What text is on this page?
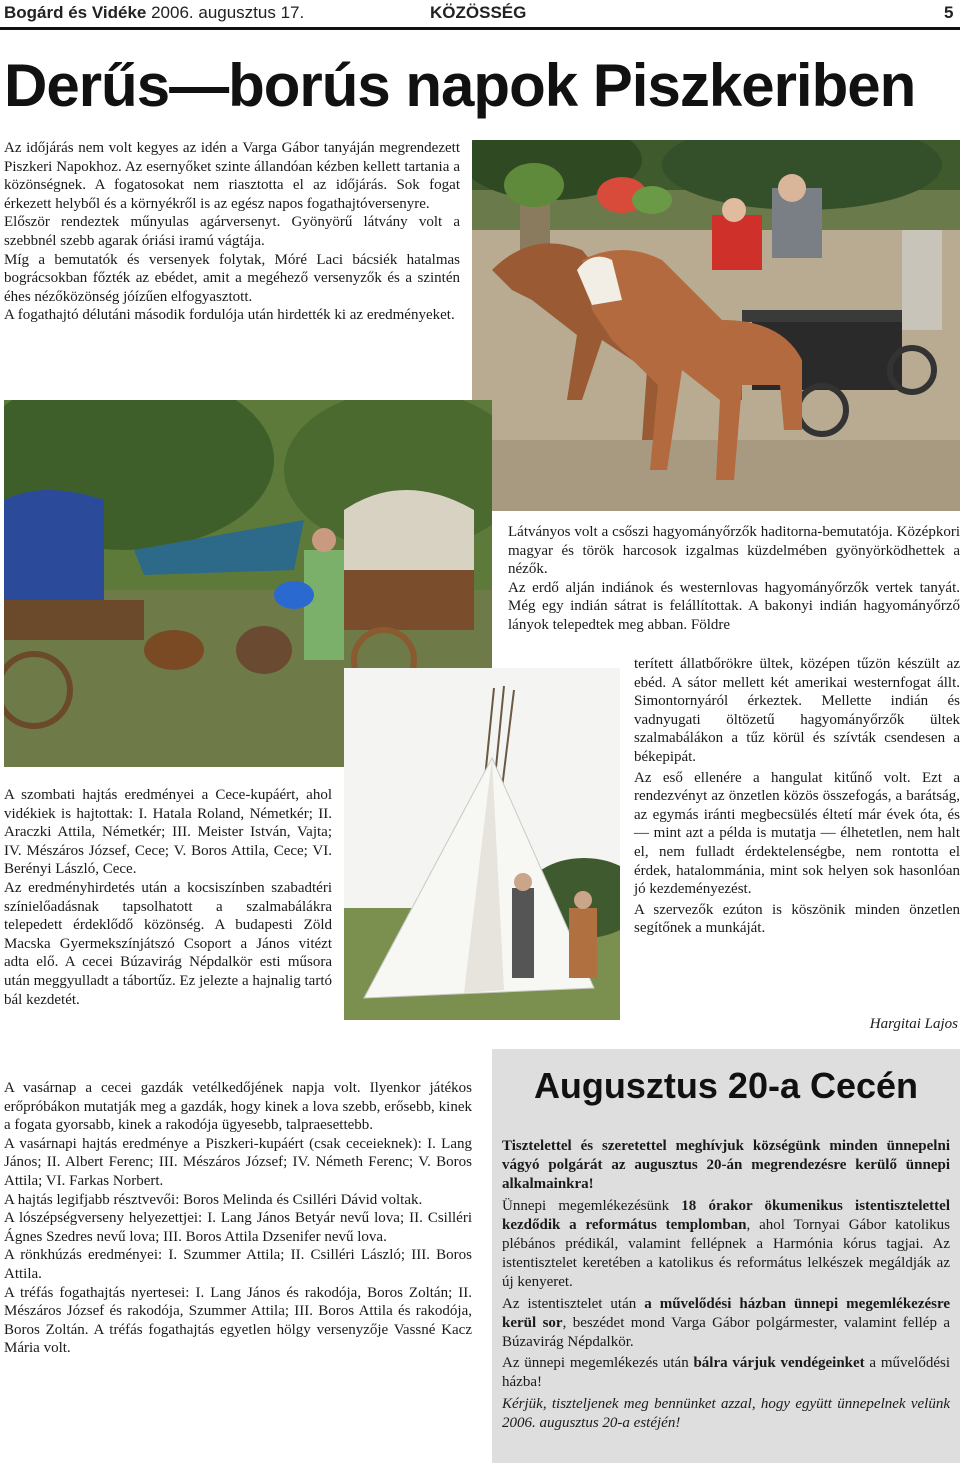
Bogárd és Vidéke 2006. augusztus 17.	KÖZÖSSÉG	5
Derűs—borús napok Piszkeriben

Az időjárás nem volt kegyes az idén a Varga Gábor tanyáján megrendezett Piszkeri Napokhoz. Az esernyőket szinte állandóan kézben kellett tartania a közönségnek. A fogatosokat nem riasztotta el az időjárás. Sok fogat érkezett helyből és a környékről is az egész napos fogathajtóversenyre.

Először rendeztek műnyulas agárversenyt. Gyönyörű látvány volt a szebbnél szebb agarak óriási iramú vágtája.

Míg a bemutatók és versenyek folytak, Móré Laci bácsiék hatalmas bográcsokban főzték az ebédet, amit a megéhező versenyzők és a szintén éhes nézőközönség jóízűen elfogyasztott.

A fogathajtó délutáni második fordulója után hirdették ki az eredményeket.

A szombati hajtás eredményei a Cece-kupáért, ahol vidékiek is hajtottak: I. Hatala Roland, Németkér; II. Araczki Attila, Németkér; III. Meister István, Vajta; IV. Mészáros József, Cece; V. Boros Attila, Cece; VI. Berényi László, Cece.

Az eredményhirdetés után a kocsiszínben szabadtéri színielőadásnak tapsolhatott a szalmabálákra telepedett érdeklődő közönség. A budapesti Zöld Macska Gyermekszínjátszó Csoport a János vitézt adta elő. A cecei Búzavirág Népdalkör esti műsora után meggyulladt a tábortűz. Ez jelezte a hajnalig tartó bál kezdetét.

A vasárnap a cecei gazdák vetélkedőjének napja volt. Ilyenkor játékos erőpróbákon mutatják meg a gazdák, hogy kinek a lova szebb, erősebb, kinek a fogata gyorsabb, kinek a rakodója ügyesebb, talpraesettebb.

A vasárnapi hajtás eredménye a Piszkeri-kupáért (csak ceceieknek): I. Lang János; II. Albert Ferenc; III. Mészáros József; IV. Németh Ferenc; V. Boros Attila; VI. Farkas Norbert.

A hajtás legifjabb résztvevői: Boros Melinda és Csilléri Dávid voltak.

A lószépségverseny helyezettjei: I. Lang János Betyár nevű lova; II. Csilléri Ágnes Szedres nevű lova; III. Boros Attila Dzsenifer nevű lova.

A rönkhúzás eredményei: I. Szummer Attila; II. Csilléri László; III. Boros Attila.

A tréfás fogathajtás nyertesei: I. Lang János és rakodója, Boros Zoltán; II. Mészáros József és rakodója, Szummer Attila; III. Boros Attila és rakodója, Boros Zoltán. A tréfás fogathajtás egyetlen hölgy versenyzője Vassné Kacz Mária volt.

Látványos volt a csőszi hagyományőrzők haditorna-bemutatója. Középkori magyar és török harcosok izgalmas küzdelmében gyönyörködhettek a nézők.

Az erdő alján indiánok és westernlovas hagyományőrzők vertek tanyát. Még egy indián sátrat is felállítottak. A bakonyi indián hagyományőrző lányok telepedtek meg abban. Földre

terített állatbőrökre ültek, középen tűzön készült az ebéd. A sátor mellett két amerikai westernfogat állt. Simontornyáról érkeztek. Mellette indián és vadnyugati öltözetű hagyományőrzők ültek szalmabálákon a tűz körül és szívták csendesen a békepipát.

Az eső ellenére a hangulat kitűnő volt. Ezt a rendezvényt az önzetlen közös összefogás, a barátság, az egymás iránti megbecsülés éltetí már évek óta, és — mint azt a példa is mutatja — élhetetlen, nem halt el, nem fulladt érdektelenségbe, nem rontotta el érdek, hatalommánia, mint sok helyen sok hasonlóan jó kezdeményezést.

A szervezők ezúton is köszönik minden önzetlen segítőnek a munkáját.

Hargitai Lajos
Augusztus 20-a Cecén

Tisztelettel és szeretettel meghívjuk községünk minden ünnepelni vágyó polgárát az augusztus 20-án megrendezésre kerülő ünnepi alkalmainkra!

Ünnepi megemlékezésünk 18 órakor ökumenikus istentisztelettel kezdődik a református templomban, ahol Tornyai Gábor katolikus plébános prédikál, valamint fellépnek a Harmónia kórus tagjai. Az istentisztelet keretében a katolikus és református lelkészek megáldják az új kenyeret.

Az istentisztelet után a művelődési házban ünnepi megemlékezésre kerül sor, beszédet mond Varga Gábor polgármester, valamint fellép a Búzavirág Népdalkör.

Az ünnepi megemlékezés után bálra várjuk vendégeinket a művelődési házba!

Kérjük, tiszteljenek meg bennünket azzal, hogy együtt ünnepelnek velünk 2006. augusztus 20-a estéjén!
